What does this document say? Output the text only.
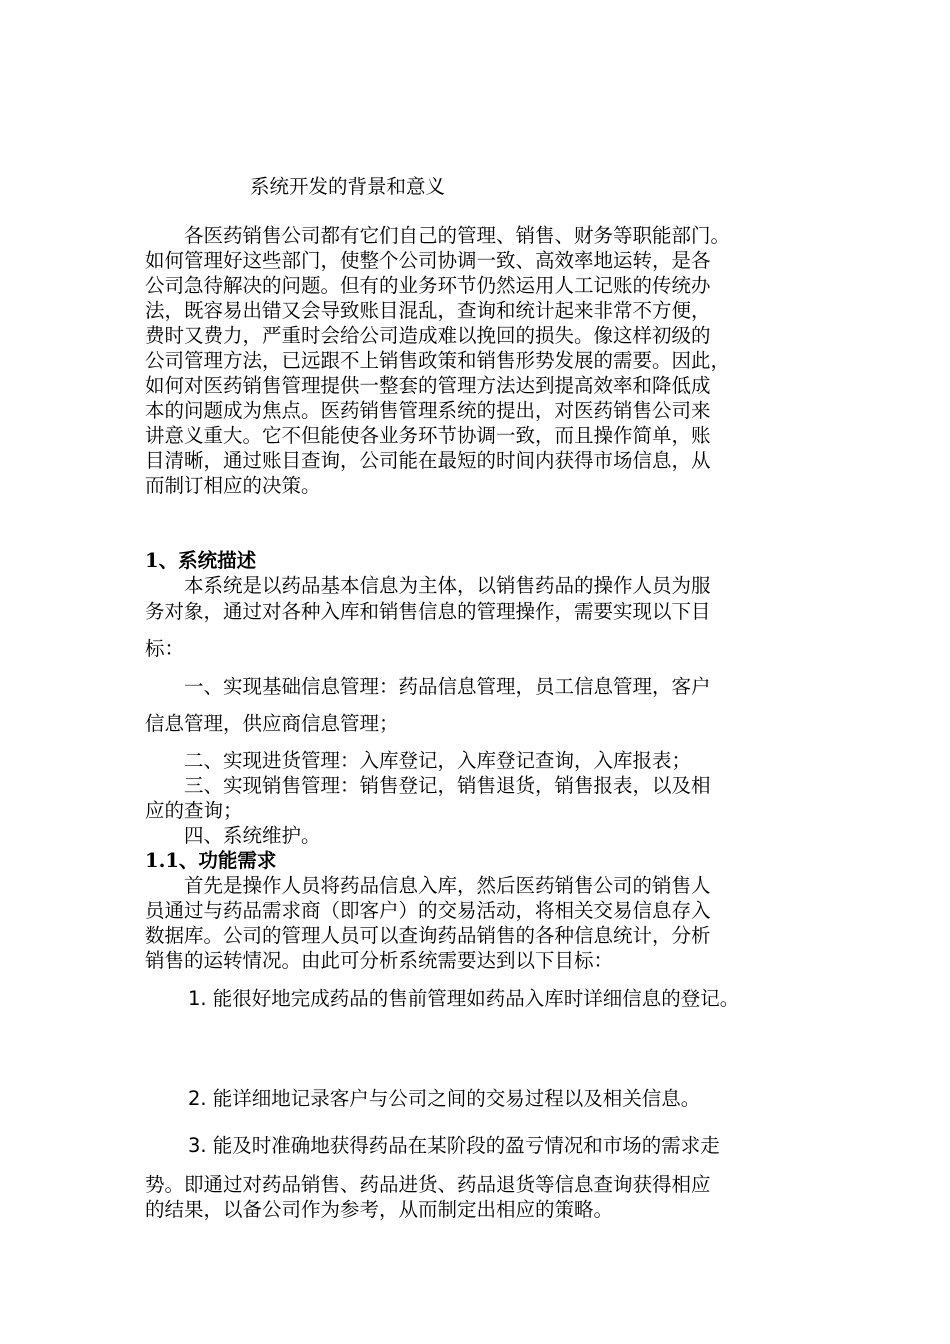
系统开发的背景和意义
　　各医药销售公司都有它们自己的管理、销售、财务等职能部门。
如何管理好这些部门，使整个公司协调一致、高效率地运转，是各
公司急待解决的问题。但有的业务环节仍然运用人工记账的传统办
法，既容易出错又会导致账目混乱，查询和统计起来非常不方便，
费时又费力，严重时会给公司造成难以挽回的损失。像这样初级的
公司管理方法，已远跟不上销售政策和销售形势发展的需要。因此，
如何对医药销售管理提供一整套的管理方法达到提高效率和降低成
本的问题成为焦点。医药销售管理系统的提出，对医药销售公司来
讲意义重大。它不但能使各业务环节协调一致，而且操作简单，账
目清晰，通过账目查询，公司能在最短的时间内获得市场信息，从
而制订相应的决策。
1、系统描述
　　本系统是以药品基本信息为主体，以销售药品的操作人员为服
务对象，通过对各种入库和销售信息的管理操作，需要实现以下目
标：
　　一、实现基础信息管理：药品信息管理，员工信息管理，客户
信息管理，供应商信息管理；
　　二、实现进货管理：入库登记，入库登记查询，入库报表；
　　三、实现销售管理：销售登记，销售退货，销售报表，以及相
应的查询；
　　四、系统维护。
1.1、功能需求
　　首先是操作人员将药品信息入库，然后医药销售公司的销售人
员通过与药品需求商（即客户）的交易活动，将相关交易信息存入
数据库。公司的管理人员可以查询药品销售的各种信息统计，分析
销售的运转情况。由此可分析系统需要达到以下目标：
1. 能很好地完成药品的售前管理如药品入库时详细信息的登记。
2. 能详细地记录客户与公司之间的交易过程以及相关信息。
3. 能及时准确地获得药品在某阶段的盈亏情况和市场的需求走
势。即通过对药品销售、药品进货、药品退货等信息查询获得相应
的结果，以备公司作为参考，从而制定出相应的策略。
